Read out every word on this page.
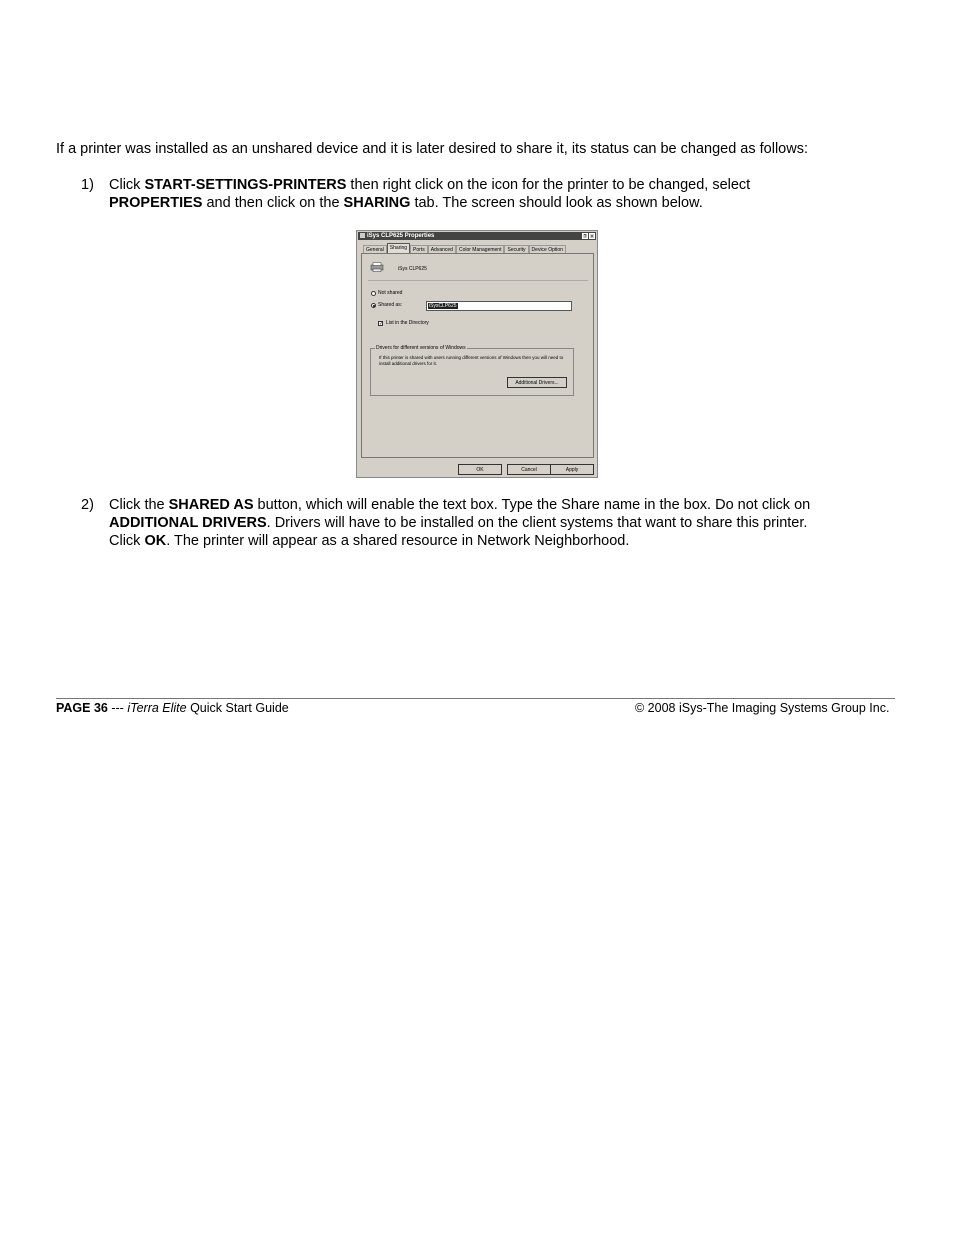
If a printer was installed as an unshared device and it is later desired to share it, its status can be changed as follows:

1) Click START-SETTINGS-PRINTERS then right click on the icon for the printer to be changed, select
PROPERTIES and then click on the SHARING tab. The screen should look as shown below.
iSys CLP625 Properties	? ×
General Sharing Ports Advanced Color Management Security Device Option
iSys CLP625
Not shared
Shared as:	iSysCLP625
✓ List in the Directory
Drivers for different versions of Windows
If this printer is shared with users running different versions of Windows then you will need to install additional drivers for it.
Additional Drivers...
OK	Cancel	Apply
2) Click the SHARED AS button, which will enable the text box. Type the Share name in the box. Do not click on
ADDITIONAL DRIVERS. Drivers will have to be installed on the client systems that want to share this printer.
Click OK. The printer will appear as a shared resource in Network Neighborhood.
PAGE 36 --- iTerra Elite Quick Start Guide	© 2008 iSys-The Imaging Systems Group Inc.
